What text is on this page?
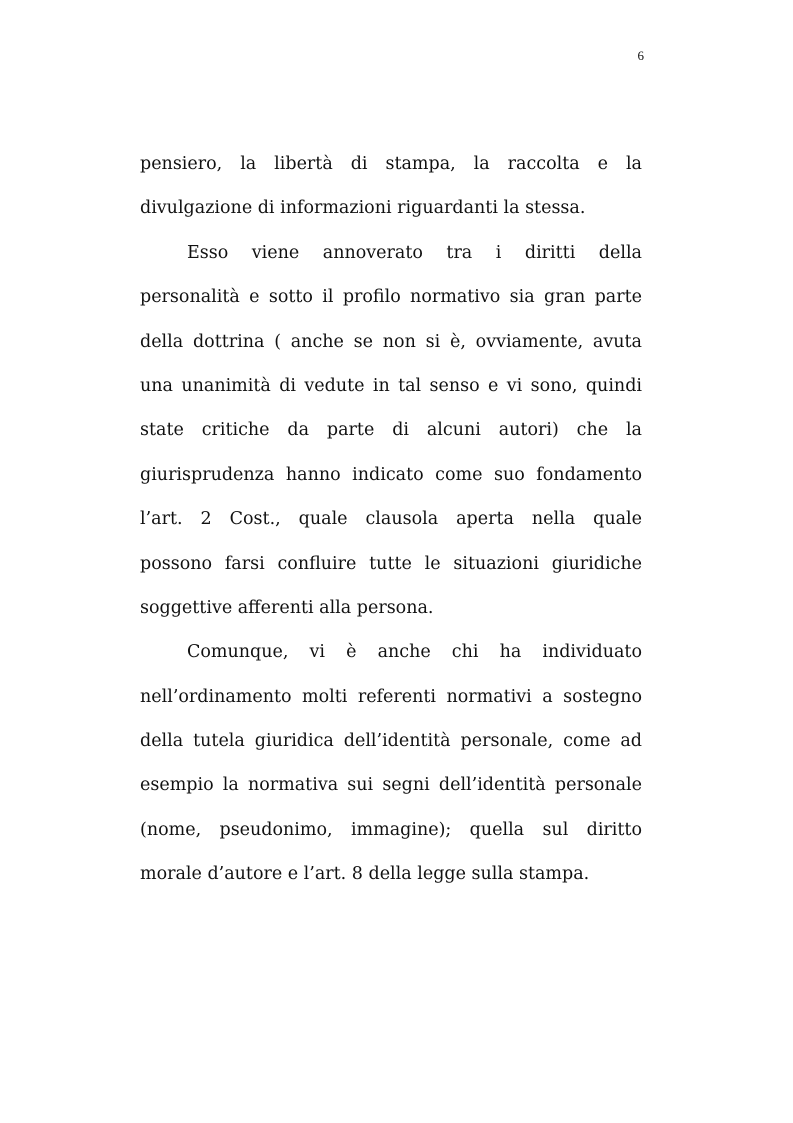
6
pensiero, la libertà di stampa, la raccolta e la
divulgazione di informazioni riguardanti la stessa.
Esso viene annoverato tra i diritti della
personalità e sotto il profilo normativo sia gran parte
della dottrina ( anche se non si è, ovviamente, avuta
una unanimità di vedute in tal senso e vi sono, quindi
state critiche da parte di alcuni autori) che la
giurisprudenza hanno indicato come suo fondamento
l’art. 2 Cost., quale clausola aperta nella quale
possono farsi confluire tutte le situazioni giuridiche
soggettive afferenti alla persona.
Comunque, vi è anche chi ha individuato
nell’ordinamento molti referenti normativi a sostegno
della tutela giuridica dell’identità personale, come ad
esempio la normativa sui segni dell’identità personale
(nome, pseudonimo, immagine); quella sul diritto
morale d’autore e l’art. 8 della legge sulla stampa.
